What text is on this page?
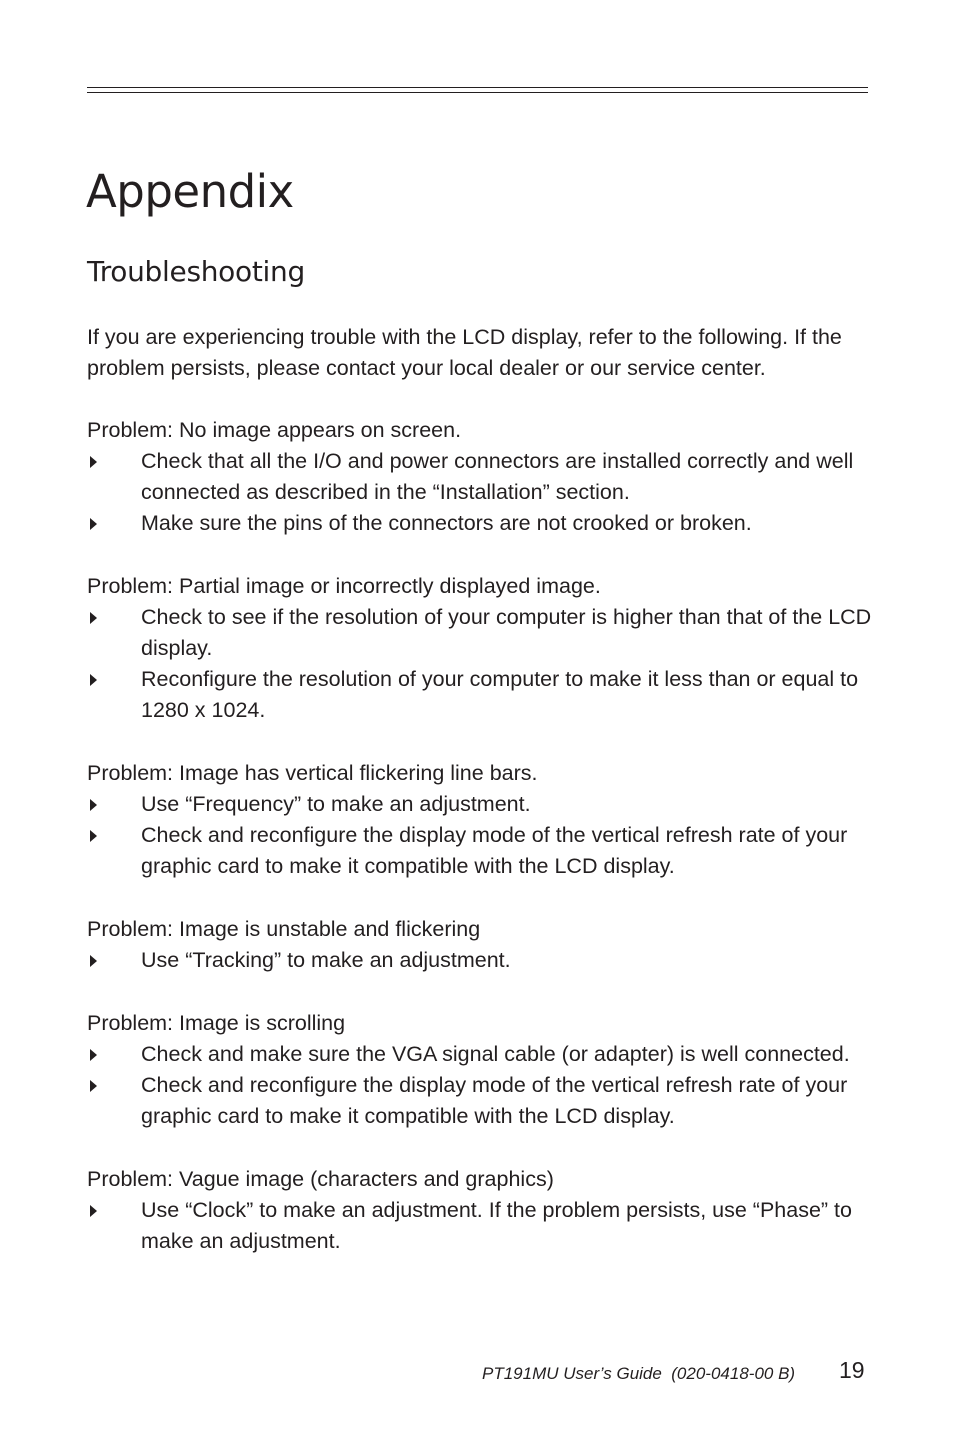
Appendix
Troubleshooting

If you are experiencing trouble with the LCD display, refer to the following. If the problem persists, please contact your local dealer or our service center.

Problem: No image appears on screen.

Check that all the I/O and power connectors are installed correctly and well connected as described in the “Installation” section.
Make sure the pins of the connectors are not crooked or broken.

Problem: Partial image or incorrectly displayed image.

Check to see if the resolution of your computer is higher than that of the LCD display.
Reconfigure the resolution of your computer to make it less than or equal to 1280 x 1024.

Problem: Image has vertical flickering line bars.

Use “Frequency” to make an adjustment.
Check and reconfigure the display mode of the vertical refresh rate of your graphic card to make it compatible with the LCD display.

Problem: Image is unstable and flickering

Use “Tracking” to make an adjustment.

Problem: Image is scrolling

Check and make sure the VGA signal cable (or adapter) is well connected.
Check and reconfigure the display mode of the vertical refresh rate of your graphic card to make it compatible with the LCD display.

Problem: Vague image (characters and graphics)

Use “Clock” to make an adjustment. If the problem persists, use “Phase” to make an adjustment.
PT191MU User’s Guide  (020-0418-00 B) 19
